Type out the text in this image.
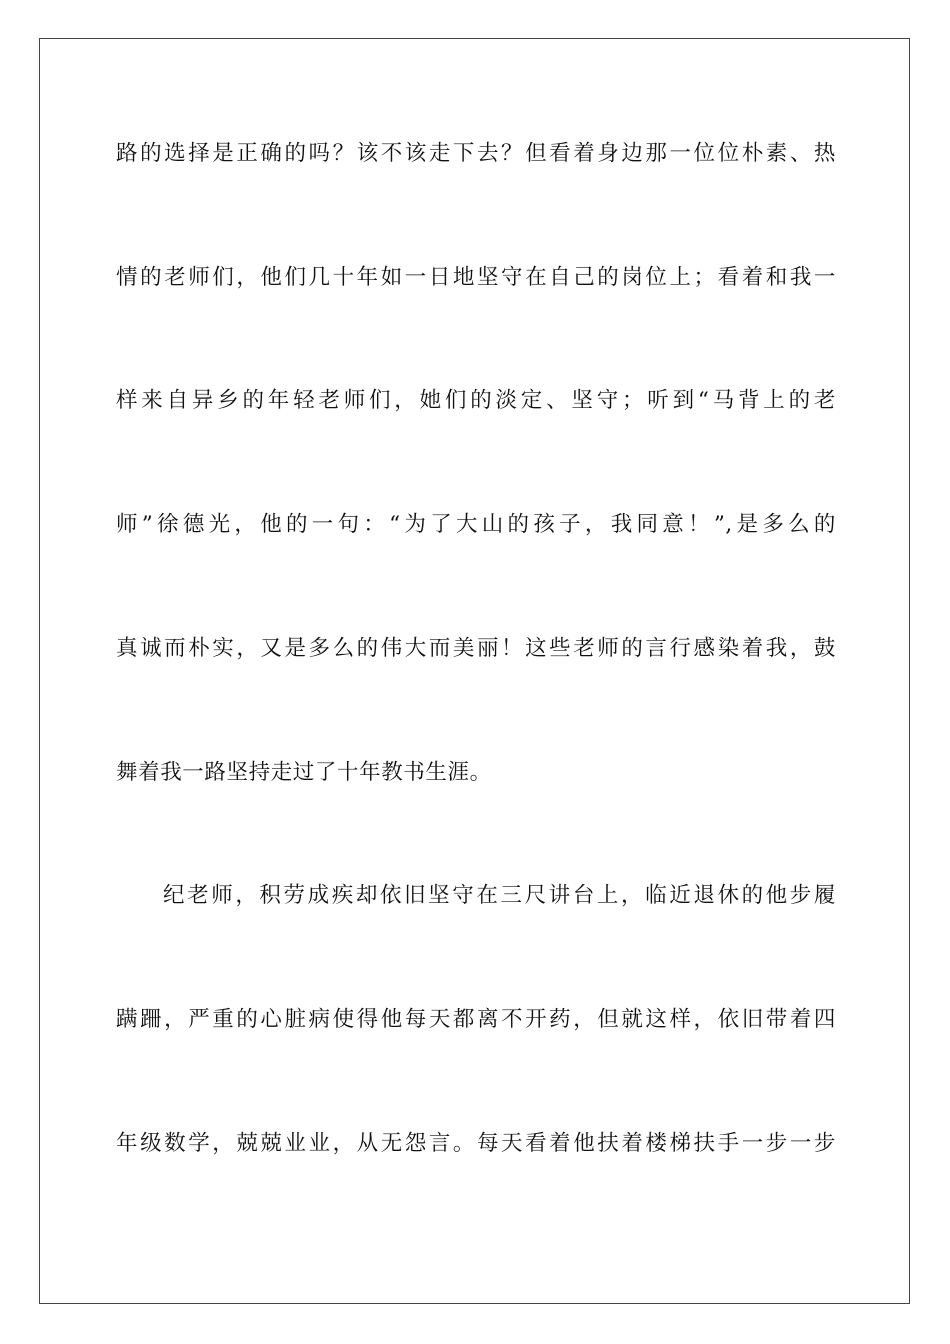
路的选择是正确的吗？该不该走下去？但看着身边那一位位朴素、热
情的老师们，他们几十年如一日地坚守在自己的岗位上；看着和我一
样来自异乡的年轻老师们，她们的淡定、坚守；听到“马背上的老
师”徐德光，他的一句：“为了大山的孩子，我同意！”,是多么的
真诚而朴实，又是多么的伟大而美丽！这些老师的言行感染着我，鼓
舞着我一路坚持走过了十年教书生涯。
纪老师，积劳成疾却依旧坚守在三尺讲台上，临近退休的他步履
蹒跚，严重的心脏病使得他每天都离不开药，但就这样，依旧带着四
年级数学，兢兢业业，从无怨言。每天看着他扶着楼梯扶手一步一步
